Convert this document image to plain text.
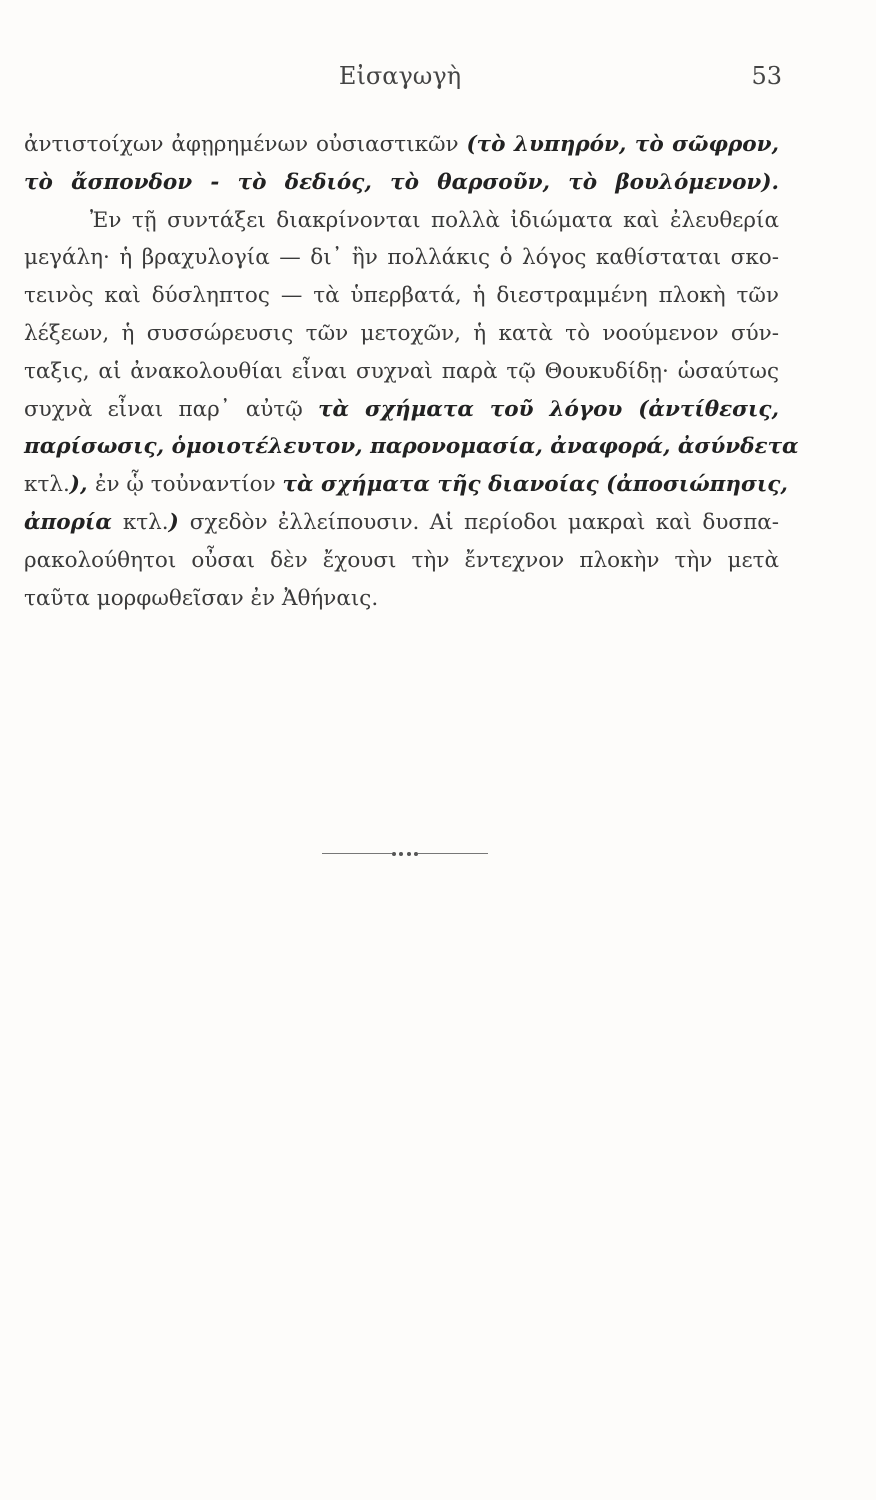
Εἰσαγωγὴ	53
ἀντιστοίχων ἀφῃρημένων οὐσιαστικῶν (τὸ λυπηρόν, τὸ σῶφρον,
τὸ ἄσπονδον - τὸ δεδιός, τὸ θαρσοῦν, τὸ βουλόμενον).
Ἐν τῇ συντάξει διακρίνονται πολλὰ ἰδιώματα καὶ ἐλευθερία
μεγάλη· ἡ βραχυλογία — δι᾽ ἣν πολλάκις ὁ λόγος καθίσταται σκο-
τεινὸς καὶ δύσληπτος — τὰ ὑπερβατά, ἡ διεστραμμένη πλοκὴ τῶν
λέξεων, ἡ συσσώρευσις τῶν μετοχῶν, ἡ κατὰ τὸ νοούμενον σύν-
ταξις, αἱ ἀνακολουθίαι εἶναι συχναὶ παρὰ τῷ Θουκυδίδῃ· ὡσαύτως
συχνὰ εἶναι παρ᾽ αὐτῷ τὰ σχήματα τοῦ λόγου (ἀντίθεσις,
παρίσωσις, ὁμοιοτέλευτον, παρονομασία, ἀναφορά, ἀσύνδετα
κτλ.), ἐν ᾧ τοὐναντίον τὰ σχήματα τῆς διανοίας (ἀποσιώπησις,
ἀπορία κτλ.) σχεδὸν ἐλλείπουσιν. Αἱ περίοδοι μακραὶ καὶ δυσπα-
ρακολούθητοι οὖσαι δὲν ἔχουσι τὴν ἔντεχνον πλοκὴν τὴν μετὰ
ταῦτα μορφωθεῖσαν ἐν Ἀθήναις.
